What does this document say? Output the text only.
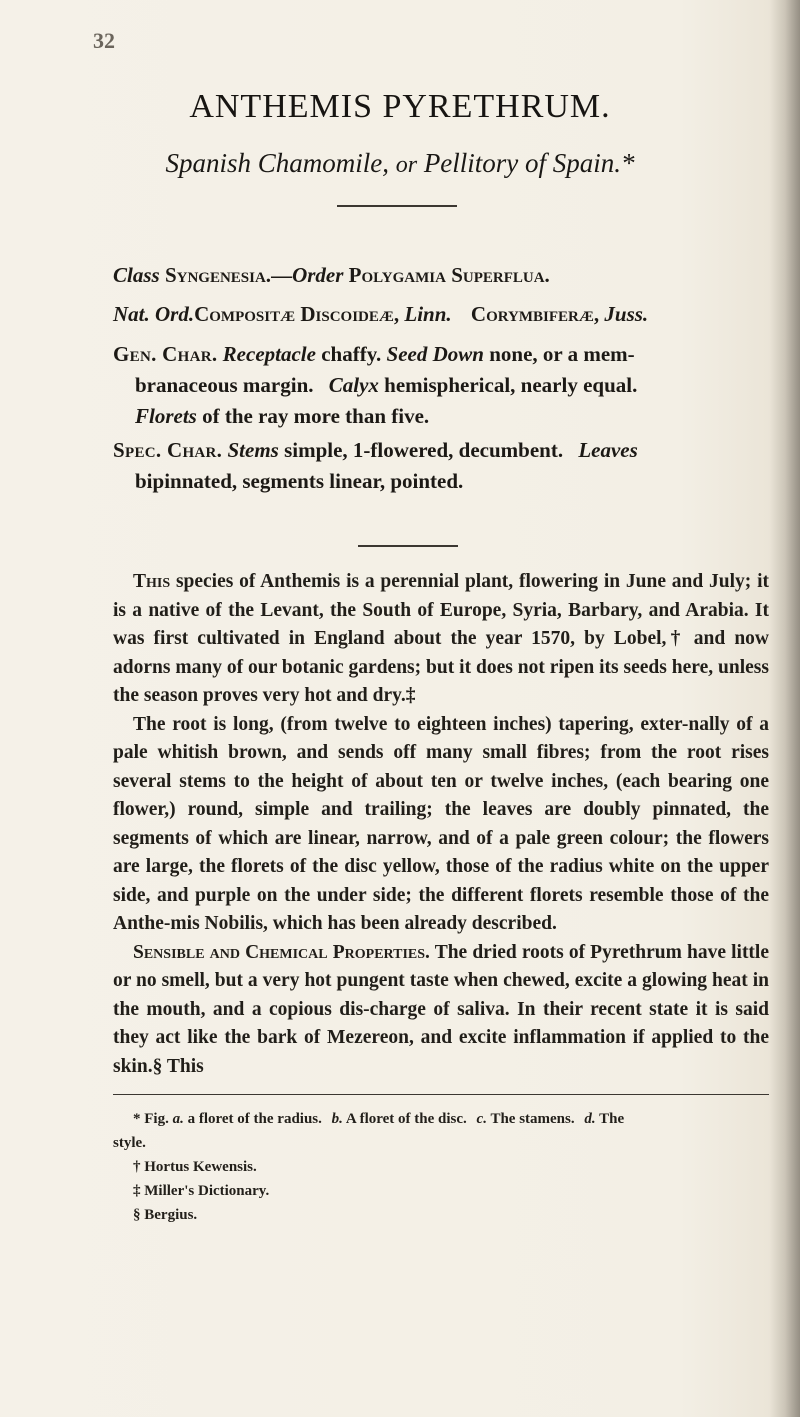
32
ANTHEMIS PYRETHRUM.
Spanish Chamomile, or Pellitory of Spain.*
Class Syngenesia.—Order Polygamia Superflua.
Nat. Ord.Compositæ Discoideæ, Linn. Corymbiferæ, Juss.
Gen. Char. Receptacle chaffy. Seed Down none, or a mem-
branaceous margin. Calyx hemispherical, nearly equal.
Florets of the ray more than five.
Spec. Char. Stems simple, 1-flowered, decumbent. Leaves
bipinnated, segments linear, pointed.

This species of Anthemis is a perennial plant, flowering in June and July; it is a native of the Levant, the South of Europe, Syria, Barbary, and Arabia. It was first cultivated in England about the year 1570, by Lobel,† and now adorns many of our botanic gardens; but it does not ripen its seeds here, unless the season proves very hot and dry.‡

The root is long, (from twelve to eighteen inches) tapering, exter-nally of a pale whitish brown, and sends off many small fibres; from the root rises several stems to the height of about ten or twelve inches, (each bearing one flower,) round, simple and trailing; the leaves are doubly pinnated, the segments of which are linear, narrow, and of a pale green colour; the flowers are large, the florets of the disc yellow, those of the radius white on the upper side, and purple on the under side; the different florets resemble those of the Anthe-mis Nobilis, which has been already described.

Sensible and Chemical Properties. The dried roots of Pyrethrum have little or no smell, but a very hot pungent taste when chewed, excite a glowing heat in the mouth, and a copious dis-charge of saliva. In their recent state it is said they act like the bark of Mezereon, and excite inflammation if applied to the skin.§ This

* Fig. a. a floret of the radius. b. A floret of the disc. c. The stamens. d. The
style.
† Hortus Kewensis.
‡ Miller's Dictionary.
§ Bergius.
